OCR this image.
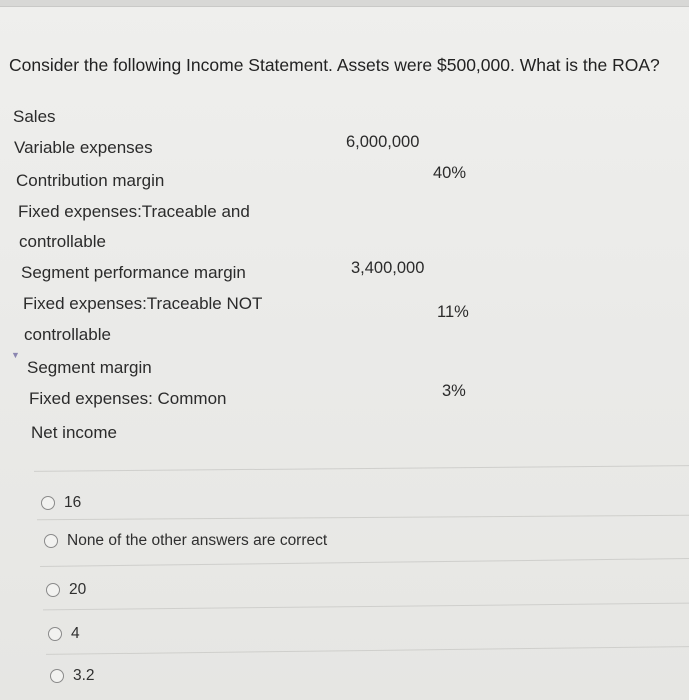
Consider the following Income Statement. Assets were $500,000. What is the ROA?
Sales
Variable expenses
Contribution margin
Fixed expenses:Traceable and
controllable
Segment performance margin
Fixed expenses:Traceable NOT
controllable
Segment margin
Fixed expenses: Common
Net income
6,000,000
40%
3,400,000
11%
3%
▼
16
None of the other answers are correct
20
4
3.2
